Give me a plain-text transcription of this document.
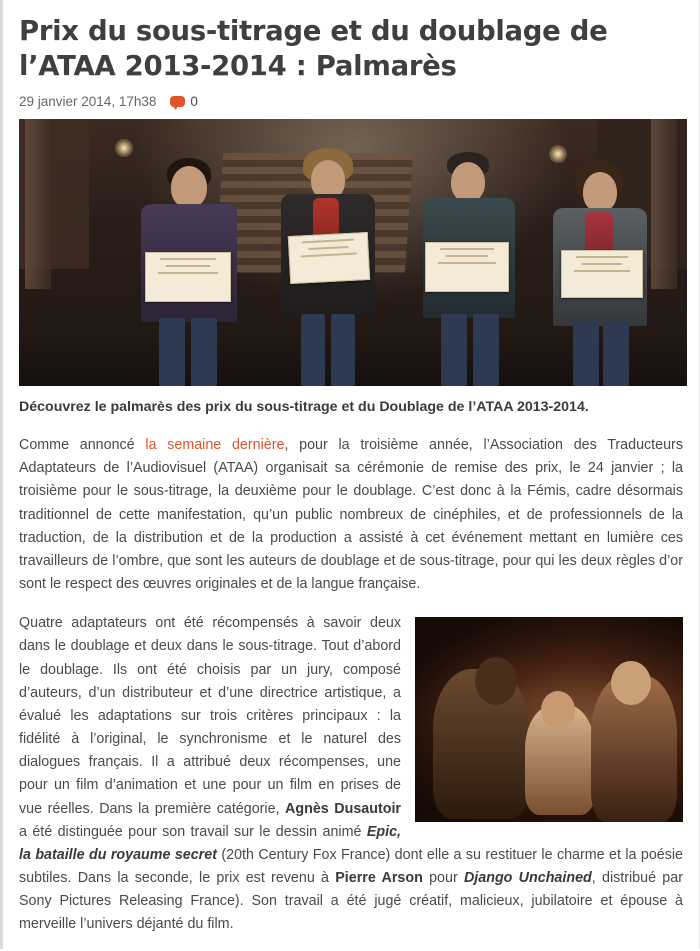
Prix du sous-titrage et du doublage de l’ATAA 2013-2014 : Palmarès
29 janvier 2014, 17h38	0
Découvrez le palmarès des prix du sous-titrage et du Doublage de l’ATAA 2013-2014.

Comme annoncé la semaine dernière, pour la troisième année, l’Association des Traducteurs Adaptateurs de l’Audiovisuel (ATAA) organisait sa cérémonie de remise des prix, le 24 janvier ; la troisième pour le sous-titrage, la deuxième pour le doublage. C’est donc à la Fémis, cadre désormais traditionnel de cette manifestation, qu’un public nombreux de cinéphiles, et de professionnels de la traduction, de la distribution et de la production a assisté à cet événement mettant en lumière ces travailleurs de l’ombre, que sont les auteurs de doublage et de sous-titrage, pour qui les deux règles d’or sont le respect des œuvres originales et de la langue française.

Quatre adaptateurs ont été récompensés à savoir deux dans le doublage et deux dans le sous-titrage. Tout d’abord le doublage. Ils ont été choisis par un jury, composé d’auteurs, d’un distributeur et d’une directrice artistique, a évalué les adaptations sur trois critères principaux : la fidélité à l’original, le synchronisme et le naturel des dialogues français. Il a attribué deux récompenses, une pour un film d’animation et une pour un film en prises de vue réelles. Dans la première catégorie, Agnès Dusautoir a été distinguée pour son travail sur le dessin animé Epic, la bataille du royaume secret (20th Century Fox France) dont elle a su restituer le charme et la poésie subtiles. Dans la seconde, le prix est revenu à Pierre Arson pour Django Unchained, distribué par Sony Pictures Releasing France). Son travail a été jugé créatif, malicieux, jubilatoire et épouse à merveille l’univers déjanté du film.
